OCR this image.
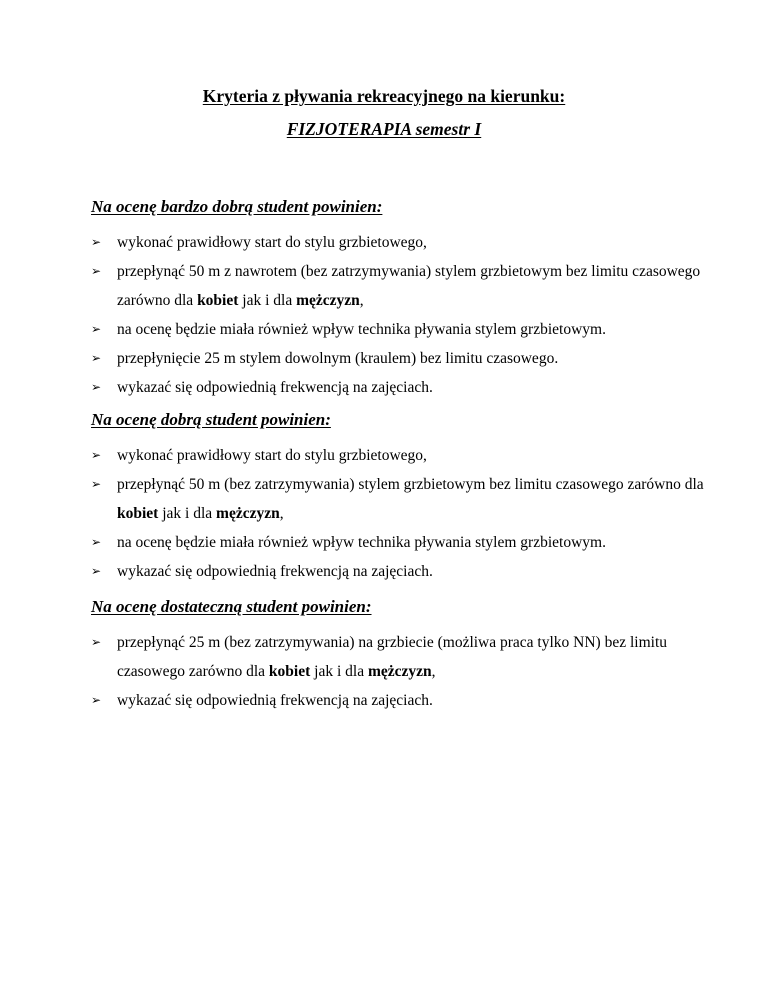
Kryteria z pływania rekreacyjnego na kierunku:
FIZJOTERAPIA semestr I
Na ocenę bardzo dobrą student powinien:
➢ wykonać prawidłowy start do stylu grzbietowego,
➢ przepłynąć 50 m z nawrotem (bez zatrzymywania) stylem grzbietowym bez limitu czasowego zarówno dla kobiet jak i dla mężczyzn,
➢ na ocenę będzie miała również wpływ technika pływania stylem grzbietowym.
➢ przepłynięcie 25 m stylem dowolnym (kraulem) bez limitu czasowego.
➢ wykazać się odpowiednią frekwencją na zajęciach.
Na ocenę dobrą student powinien:
➢ wykonać prawidłowy start do stylu grzbietowego,
➢ przepłynąć 50 m (bez zatrzymywania) stylem grzbietowym bez limitu czasowego zarówno dla kobiet jak i dla mężczyzn,
➢ na ocenę będzie miała również wpływ technika pływania stylem grzbietowym.
➢ wykazać się odpowiednią frekwencją na zajęciach.
Na ocenę dostateczną student powinien:
➢ przepłynąć 25 m (bez zatrzymywania) na grzbiecie (możliwa praca tylko NN) bez limitu czasowego zarówno dla kobiet jak i dla mężczyzn,
➢ wykazać się odpowiednią frekwencją na zajęciach.
